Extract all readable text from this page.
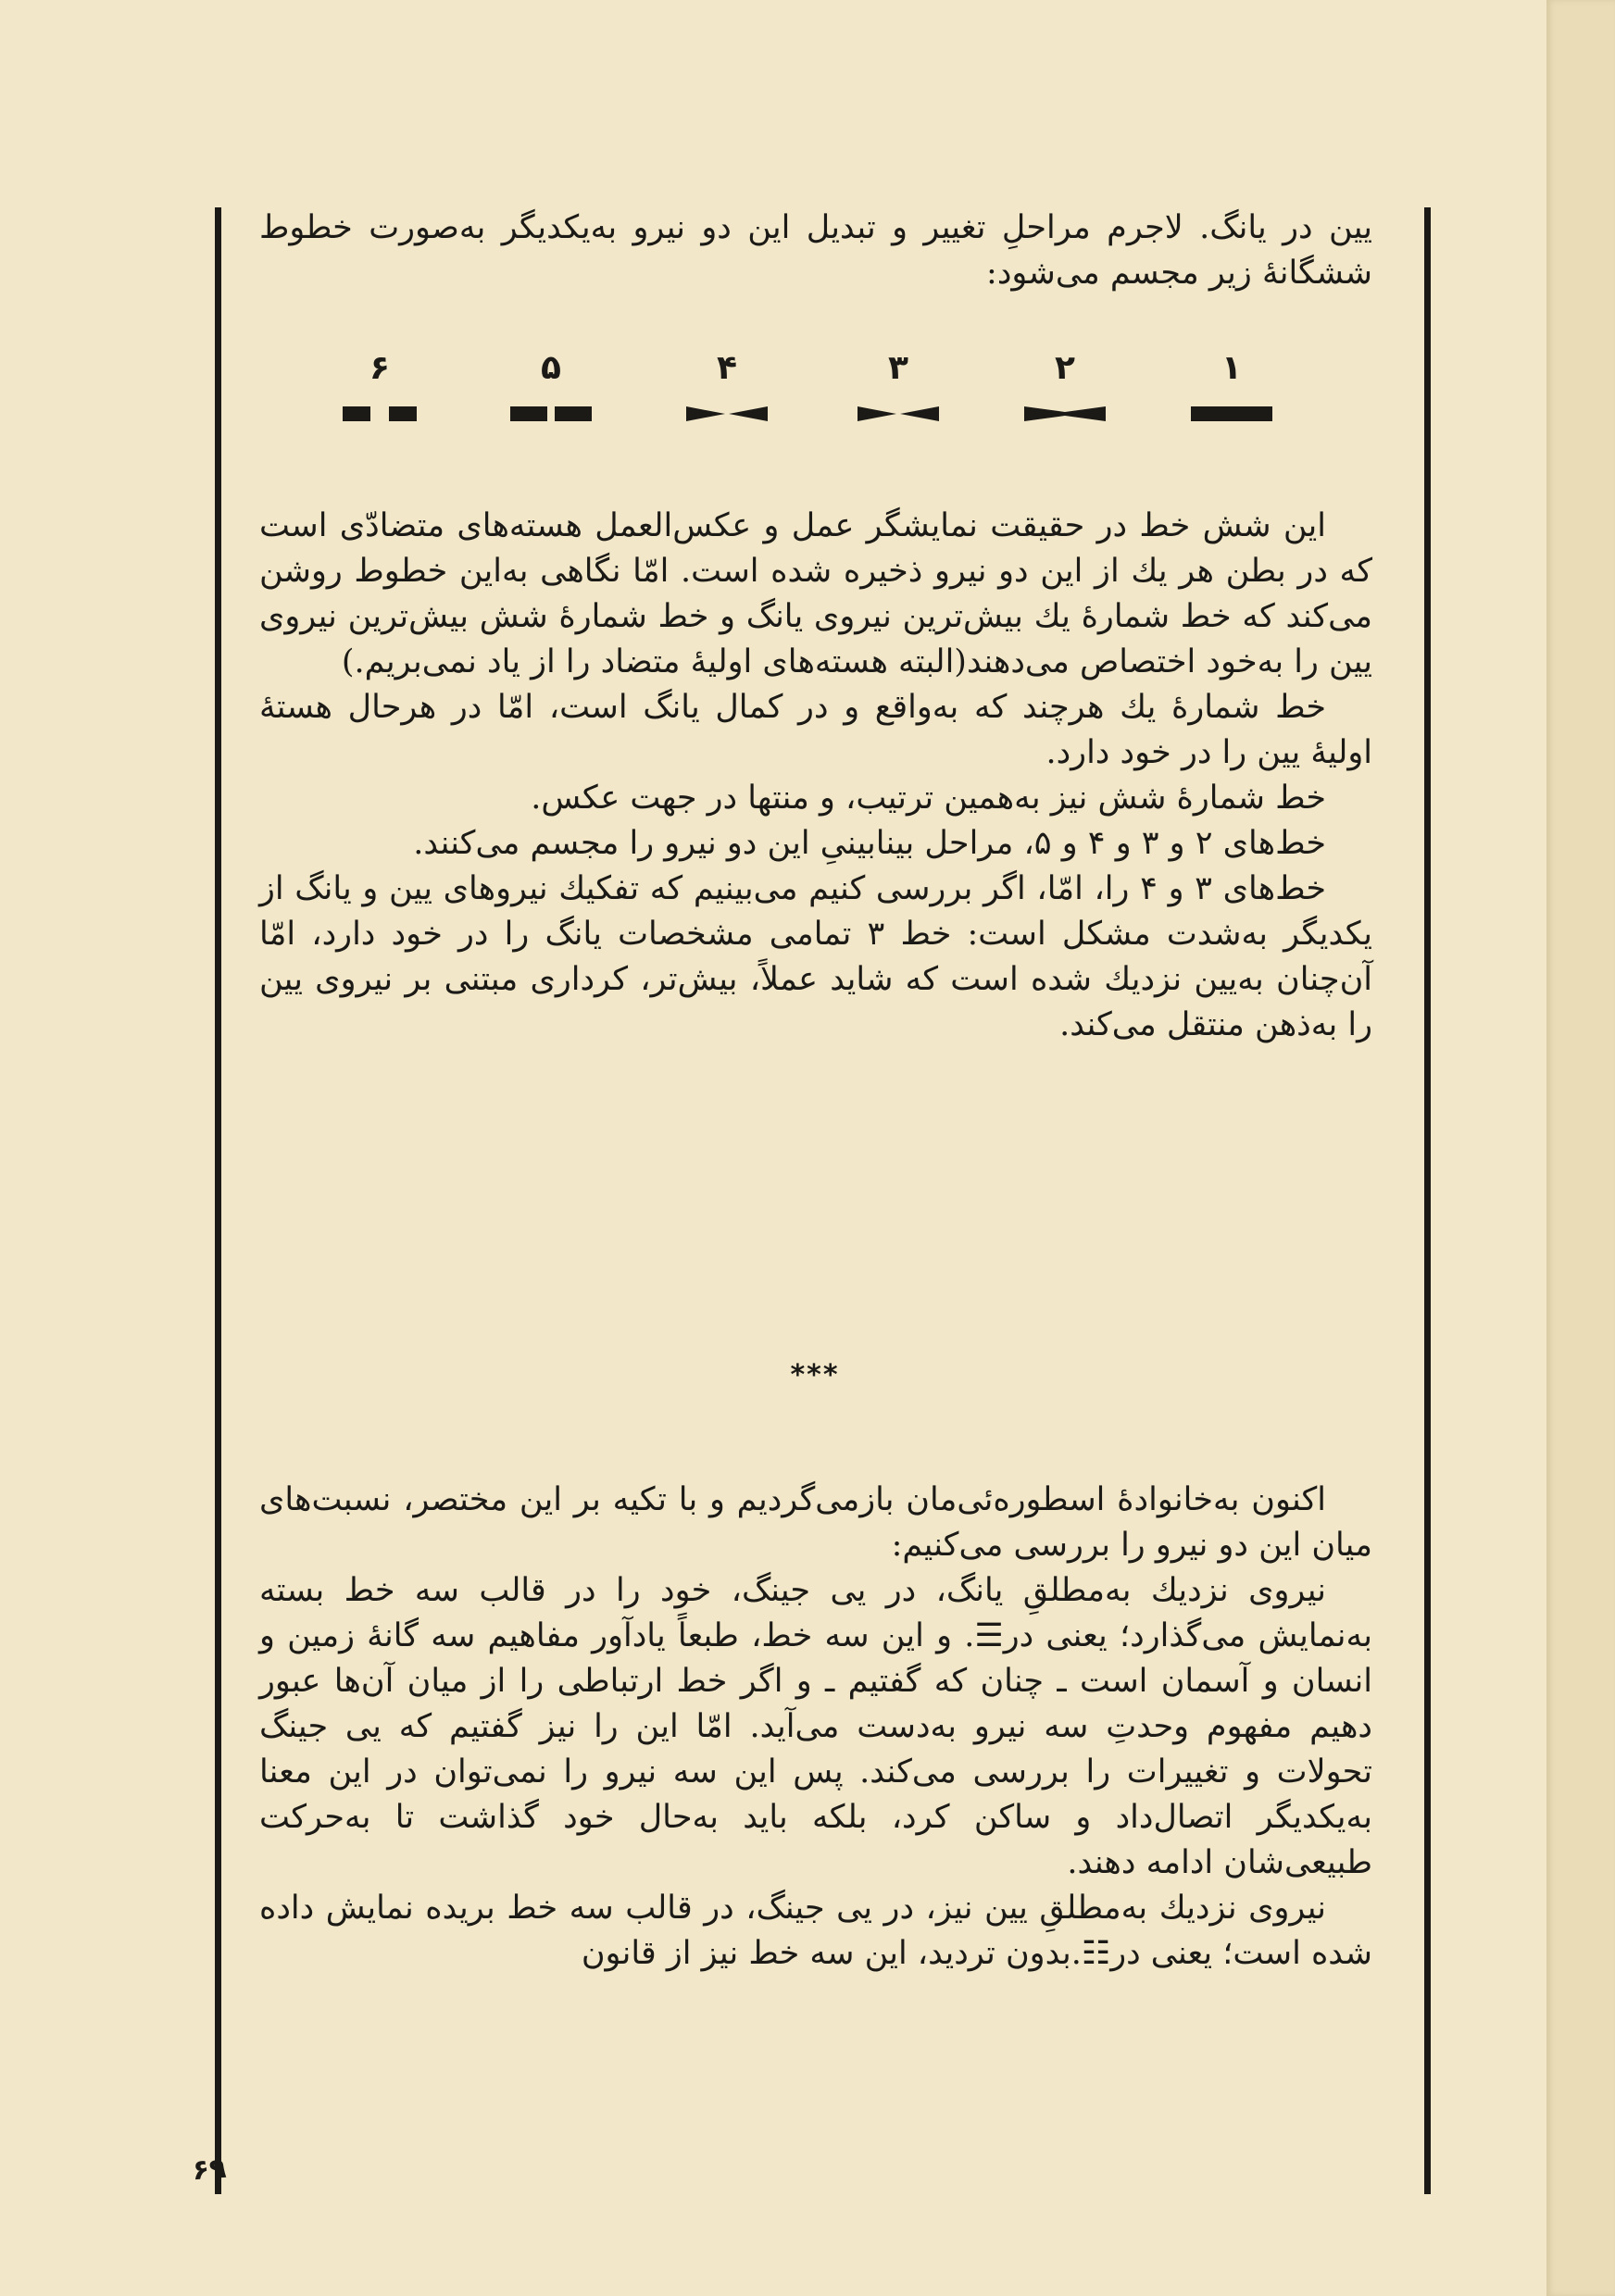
یین در یانگ. لاجرم مراحلِ تغییر و تبدیل این دو نیرو به‌یکدیگر به‌صورت خطوط ششگانهٔ زیر مجسم می‌شود:

۱
۲
۳
۴
۵
۶

این شش خط در حقیقت نمایشگر عمل و عکس‌العمل هسته‌های متضادّی است که در بطن هر یك از این دو نیرو ذخیره شده است. امّا نگاهی به‌این خطوط روشن می‌کند که خط شمارهٔ یك بیش‌ترین نیروی یانگ و خط شمارهٔ شش بیش‌ترین نیروی یین را به‌خود اختصاص می‌دهند(البته هسته‌های اولیهٔ متضاد را از یاد نمی‌بریم.)

خط شمارهٔ یك هرچند که به‌واقع و در کمال یانگ است، امّا در هرحال هستهٔ اولیهٔ یین را در خود دارد.

خط شمارهٔ شش نیز به‌همین ترتیب، و منتها در جهت عکس.

خط‌های ۲ و ۳ و ۴ و ۵، مراحل بینابینیِ این دو نیرو را مجسم می‌کنند.

خط‌های ۳ و ۴ را، امّا، اگر بررسی کنیم می‌بینیم که تفکیك نیروهای یین و یانگ از یکدیگر به‌شدت مشکل است: خط ۳ تمامی مشخصات یانگ را در خود دارد، امّا آن‌چنان به‌یین نزدیك شده است که شاید عملاً، بیش‌تر، کرداری مبتنی بر نیروی یین را به‌ذهن منتقل می‌کند.

***

اکنون به‌خانوادهٔ اسطوره‌ئی‌مان بازمی‌گردیم و با تکیه بر این مختصر، نسبت‌های میان این دو نیرو را بررسی می‌کنیم:

نیروی نزدیك به‌مطلقِ یانگ، در یی جینگ، خود را در قالب سه خط بسته به‌نمایش می‌گذارد؛ یعنی در☰. و این سه خط، طبعاً یادآور مفاهیم سه گانهٔ زمین و انسان و آسمان است ـ چنان که گفتیم ـ و اگر خط ارتباطی را از میان آن‌ها عبور دهیم مفهوم وحدتِ سه نیرو به‌دست می‌آید. امّا این را نیز گفتیم که یی جینگ تحولات و تغییرات را بررسی می‌کند. پس این سه نیرو را نمی‌توان در این معنا به‌یکدیگر اتصال‌داد و ساکن کرد، بلکه باید به‌حال خود گذاشت تا به‌حرکت طبیعی‌شان ادامه دهند.

نیروی نزدیك به‌مطلقِ یین نیز، در یی جینگ، در قالب سه خط بریده نمایش داده شده است؛ یعنی در☷.بدون تردید، این سه خط نیز از قانون

۶۹
